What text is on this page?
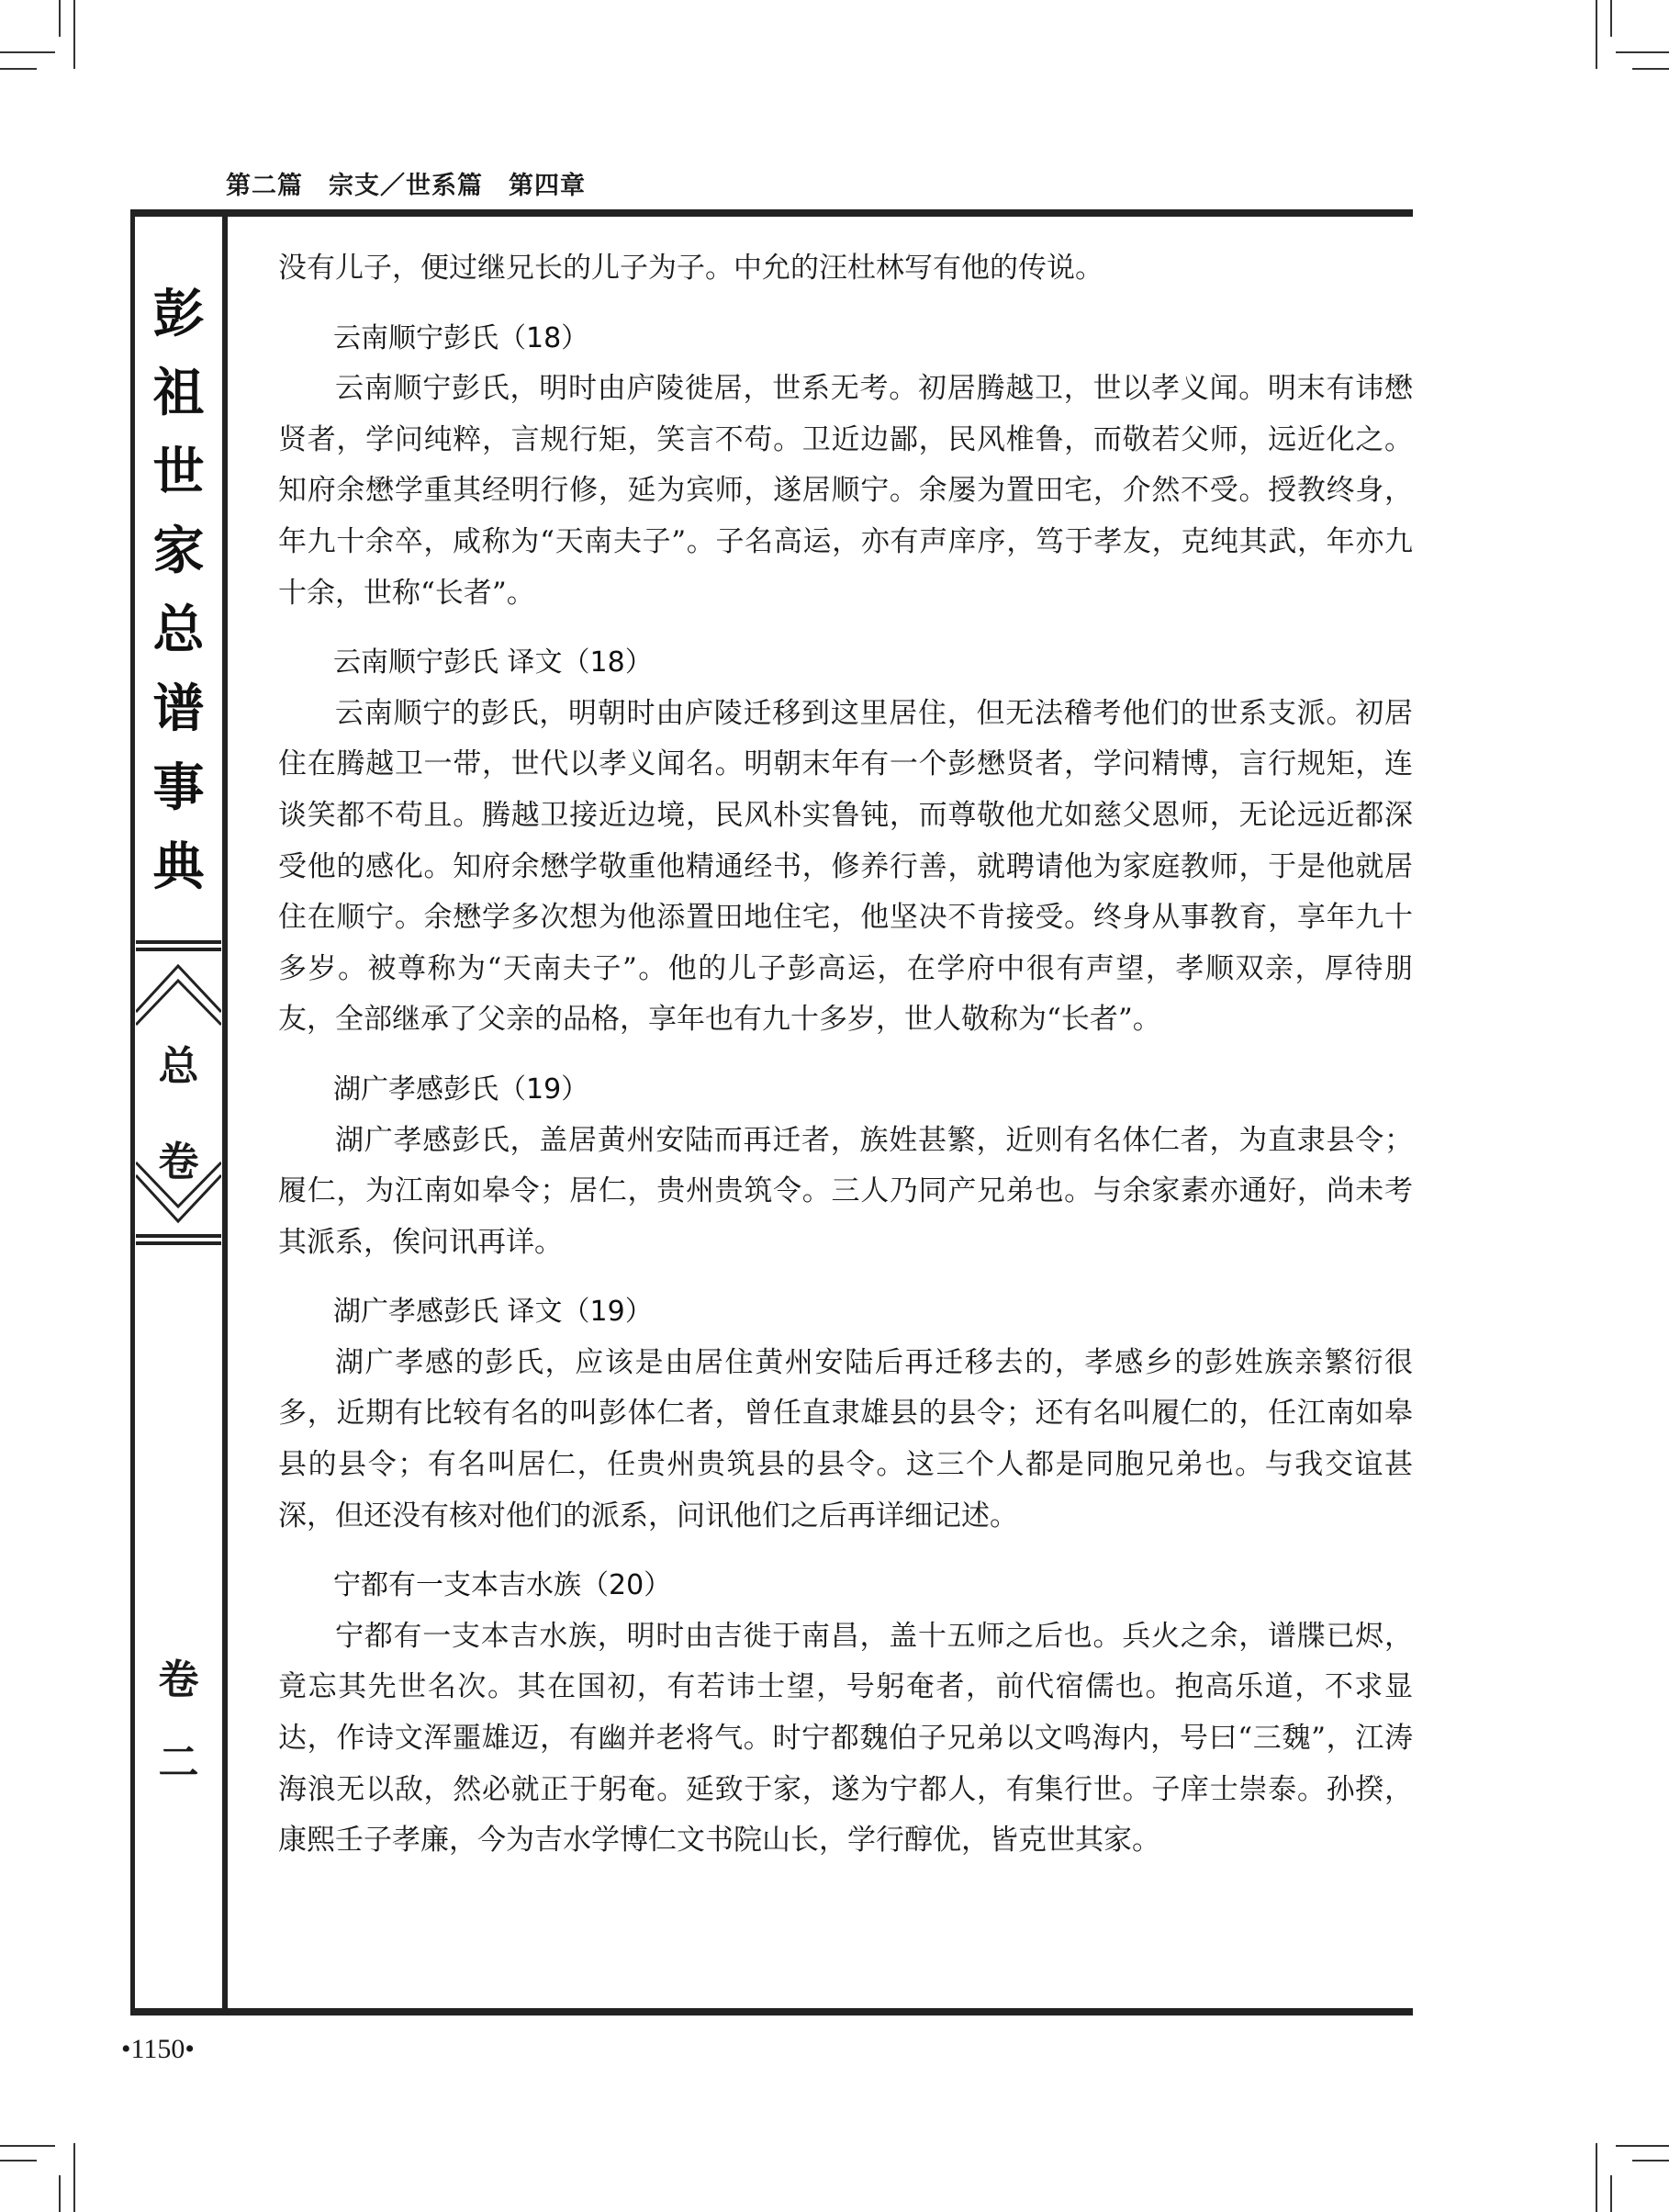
第二篇　宗支／世系篇　第四章
彭
祖
世
家
总
谱
事
典
总
卷
卷
二

没有儿子，便过继兄长的儿子为子。中允的汪杜林写有他的传说。

云南顺宁彭氏（18）

云南顺宁彭氏，明时由庐陵徙居，世系无考。初居腾越卫，世以孝义闻。明末有讳懋贤者，学问纯粹，言规行矩，笑言不苟。卫近边鄙，民风椎鲁，而敬若父师，远近化之。知府余懋学重其经明行修，延为宾师，遂居顺宁。余屡为置田宅，介然不受。授教终身，年九十余卒，咸称为“天南夫子”。子名高运，亦有声庠序，笃于孝友，克纯其武，年亦九十余，世称“长者”。

云南顺宁彭氏 译文（18）

云南顺宁的彭氏，明朝时由庐陵迁移到这里居住，但无法稽考他们的世系支派。初居住在腾越卫一带，世代以孝义闻名。明朝末年有一个彭懋贤者，学问精博，言行规矩，连谈笑都不苟且。腾越卫接近边境，民风朴实鲁钝，而尊敬他尤如慈父恩师，无论远近都深受他的感化。知府余懋学敬重他精通经书，修养行善，就聘请他为家庭教师，于是他就居住在顺宁。余懋学多次想为他添置田地住宅，他坚决不肯接受。终身从事教育，享年九十多岁。被尊称为“天南夫子”。他的儿子彭高运，在学府中很有声望，孝顺双亲，厚待朋友，全部继承了父亲的品格，享年也有九十多岁，世人敬称为“长者”。

湖广孝感彭氏（19）

湖广孝感彭氏，盖居黄州安陆而再迁者，族姓甚繁，近则有名体仁者，为直隶县令；履仁，为江南如皋令；居仁，贵州贵筑令。三人乃同产兄弟也。与余家素亦通好，尚未考其派系，俟问讯再详。

湖广孝感彭氏 译文（19）

湖广孝感的彭氏，应该是由居住黄州安陆后再迁移去的，孝感乡的彭姓族亲繁衍很多，近期有比较有名的叫彭体仁者，曾任直隶雄县的县令；还有名叫履仁的，任江南如皋县的县令；有名叫居仁，任贵州贵筑县的县令。这三个人都是同胞兄弟也。与我交谊甚深，但还没有核对他们的派系，问讯他们之后再详细记述。

宁都有一支本吉水族（20）

宁都有一支本吉水族，明时由吉徙于南昌，盖十五师之后也。兵火之余，谱牒已烬，竟忘其先世名次。其在国初，有若讳士望，号躬奄者，前代宿儒也。抱高乐道，不求显达，作诗文浑噩雄迈，有幽并老将气。时宁都魏伯子兄弟以文鸣海内，号曰“三魏”，江涛海浪无以敌，然必就正于躬奄。延致于家，遂为宁都人，有集行世。子庠士崇泰。孙揆，康熙壬子孝廉，今为吉水学博仁文书院山长，学行醇优，皆克世其家。

•1150•
